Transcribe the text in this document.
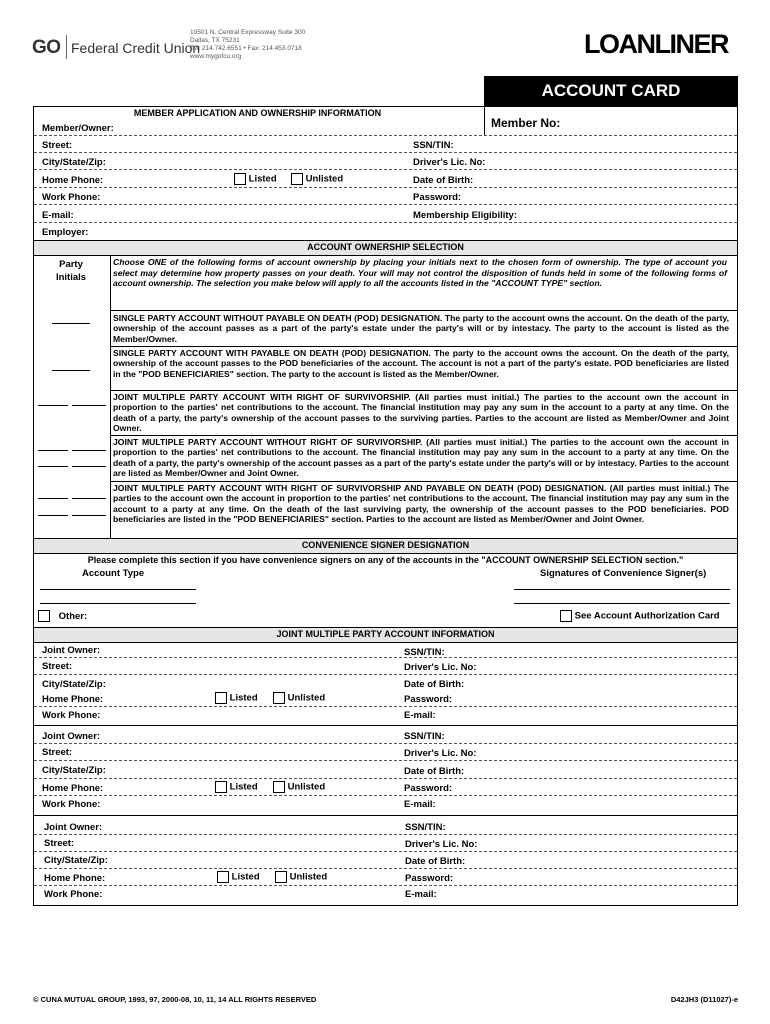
GO Federal Credit Union
10501 N. Central Expressway Suite 300
Dallas, TX 75231
Tel: 214.742.6551 • Fax: 214.453.0718
www.mygofcu.org	LOANLINER
ACCOUNT CARD
MEMBER APPLICATION AND OWNERSHIP INFORMATION
Member No:
Member/Owner:
Street:	SSN/TIN:
City/State/Zip:	Driver's Lic. No:
Home Phone:	Listed	Unlisted	Date of Birth:
Work Phone:	Password:
E-mail:	Membership Eligibility:
Employer:
ACCOUNT OWNERSHIP SELECTION
Party
Initials
Choose ONE of the following forms of account ownership by placing your initials next to the chosen form of ownership. The type of account you select may determine how property passes on your death. Your will may not control the disposition of funds held in some of the following forms of account ownership. The selection you make below will apply to all the accounts listed in the "ACCOUNT TYPE" section.
SINGLE PARTY ACCOUNT WITHOUT PAYABLE ON DEATH (POD) DESIGNATION. The party to the account owns the account. On the death of the party, ownership of the account passes as a part of the party's estate under the party's will or by intestacy. The party to the account is listed as the Member/Owner.
SINGLE PARTY ACCOUNT WITH PAYABLE ON DEATH (POD) DESIGNATION. The party to the account owns the account. On the death of the party, ownership of the account passes to the POD beneficiaries of the account. The account is not a part of the party's estate. POD beneficiaries are listed in the "POD BENEFICIARIES" section. The party to the account is listed as the Member/Owner.
JOINT MULTIPLE PARTY ACCOUNT WITH RIGHT OF SURVIVORSHIP. (All parties must initial.) The parties to the account own the account in proportion to the parties' net contributions to the account. The financial institution may pay any sum in the account to a party at any time. On the death of a party, the party's ownership of the account passes to the surviving parties. Parties to the account are listed as Member/Owner and Joint Owner.
JOINT MULTIPLE PARTY ACCOUNT WITHOUT RIGHT OF SURVIVORSHIP. (All parties must initial.) The parties to the account own the account in proportion to the parties' net contributions to the account. The financial institution may pay any sum in the account to a party at any time. On the death of a party, the party's ownership of the account passes as a part of the party's estate under the party's will or by intestacy. Parties to the account are listed as Member/Owner and Joint Owner.
JOINT MULTIPLE PARTY ACCOUNT WITH RIGHT OF SURVIVORSHIP AND PAYABLE ON DEATH (POD) DESIGNATION. (All parties must initial.) The parties to the account own the account in proportion to the parties' net contributions to the account. The financial institution may pay any sum in the account to a party at any time. On the death of the last surviving party, the ownership of the account passes to the POD beneficiaries. POD beneficiaries are listed in the "POD BENEFICIARIES" section. Parties to the account are listed as Member/Owner and Joint Owner.
CONVENIENCE SIGNER DESIGNATION
Please complete this section if you have convenience signers on any of the accounts in the "ACCOUNT OWNERSHIP SELECTION section."
Account Type	Signatures of Convenience Signer(s)
Other:	See Account Authorization Card
JOINT MULTIPLE PARTY ACCOUNT INFORMATION
Joint Owner:	SSN/TIN:
Street:	Driver's Lic. No:
City/State/Zip:	Date of Birth:
Home Phone:	Listed	Unlisted	Password:
Work Phone:	E-mail:
Joint Owner:	SSN/TIN:
Street:	Driver's Lic. No:
City/State/Zip:	Date of Birth:
Home Phone:	Listed	Unlisted	Password:
Work Phone:	E-mail:
Joint Owner:	SSN/TIN:
Street:	Driver's Lic. No:
City/State/Zip:	Date of Birth:
Home Phone:	Listed	Unlisted	Password:
Work Phone:	E-mail:
© CUNA MUTUAL GROUP, 1993, 97, 2000-08, 10, 11, 14 ALL RIGHTS RESERVED	D42JH3 (D11027)-e
